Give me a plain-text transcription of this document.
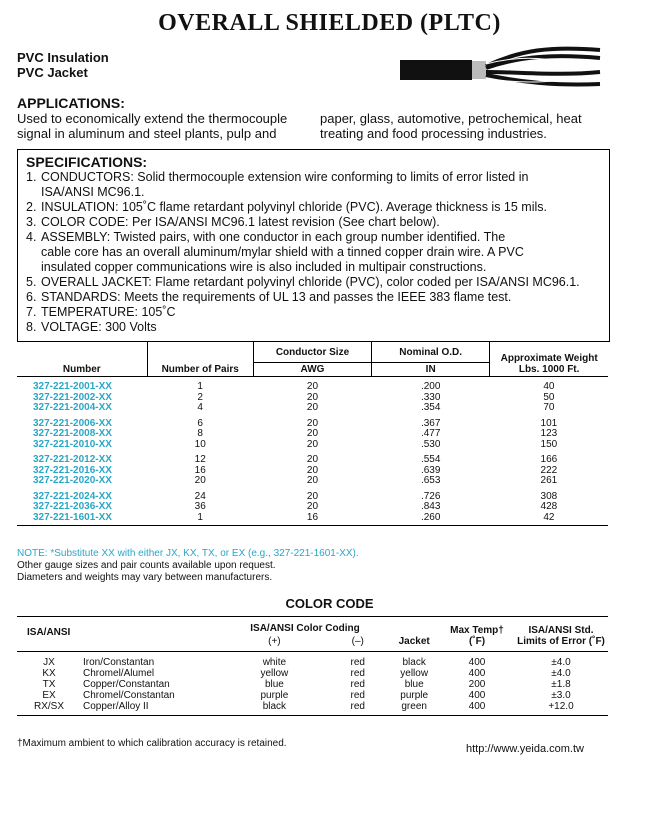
OVERALL SHIELDED (PLTC)
PVC Insulation
PVC Jacket
APPLICATIONS:
Used to economically extend the thermocouple signal in aluminum and steel plants, pulp and
paper, glass, automotive, petrochemical, heat treating and food processing industries.
SPECIFICATIONS:
1. CONDUCTORS: Solid thermocouple extension wire conforming to limits of error listed in
ISA/ANSI MC96.1.
2. INSULATION: 105˚C flame retardant polyvinyl chloride (PVC). Average thickness is 15 mils.
3. COLOR CODE: Per ISA/ANSI MC96.1 latest revision (See chart below).
4. ASSEMBLY: Twisted pairs, with one conductor in each group number identified. The
cable core has an overall aluminum/mylar shield with a tinned copper drain wire. A PVC
insulated copper communications wire is also included in multipair constructions.
5. OVERALL JACKET: Flame retardant polyvinyl chloride (PVC), color coded per ISA/ANSI MC96.1.
6. STANDARDS: Meets the requirements of UL 13 and passes the IEEE 383 flame test.
7. TEMPERATURE: 105˚C
8. VOLTAGE: 300 Volts
Number	Number of Pairs	Conductor Size	Nominal O.D.	Approximate Weight Lbs. 1000 Ft.
		AWG	IN	
327-221-2001-XX	1	20	.200	40
327-221-2002-XX	2	20	.330	50
327-221-2004-XX	4	20	.354	70
327-221-2006-XX	6	20	.367	101
327-221-2008-XX	8	20	.477	123
327-221-2010-XX	10	20	.530	150
327-221-2012-XX	12	20	.554	166
327-221-2016-XX	16	20	.639	222
327-221-2020-XX	20	20	.653	261
327-221-2024-XX	24	20	.726	308
327-221-2036-XX	36	20	.843	428
327-221-1601-XX	1	16	.260	42

NOTE: *Substitute XX with either JX, KX, TX, or EX (e.g., 327-221-1601-XX).
Other gauge sizes and pair counts available upon request.
Diameters and weights may vary between manufacturers.
COLOR CODE
ISA/ANSI		ISA/ANSI Color Coding		Jacket	Max Temp† (˚F)	ISA/ANSI Std. Limits of Error (˚F)
		(+)	(–)			

JX	Iron/Constantan	white	red	black	400	±4.0
KX	Chromel/Alumel	yellow	red	yellow	400	±4.0
TX	Copper/Constantan	blue	red	blue	200	±1.8
EX	Chromel/Constantan	purple	red	purple	400	±3.0
RX/SX	Copper/Alloy II	black	red	green	400	+12.0

†Maximum ambient to which calibration accuracy is retained.	http://www.yeida.com.tw
